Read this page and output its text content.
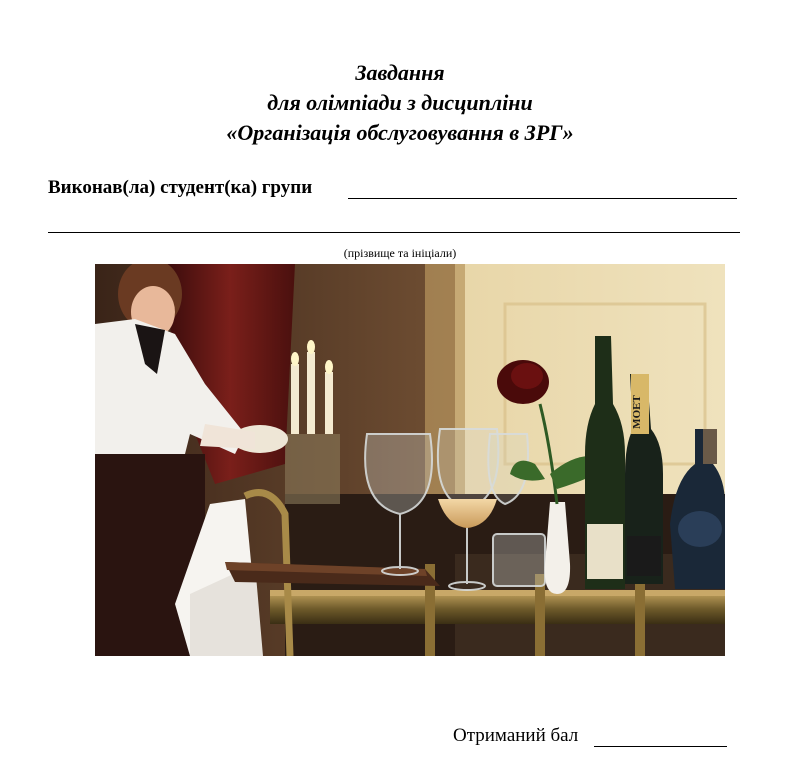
Завдання
для олімпіади з дисципліни
«Організація обслуговування в ЗРГ»
Виконав(ла) студент(ка) групи
(прізвище та ініціали)
MOET
Отриманий бал
